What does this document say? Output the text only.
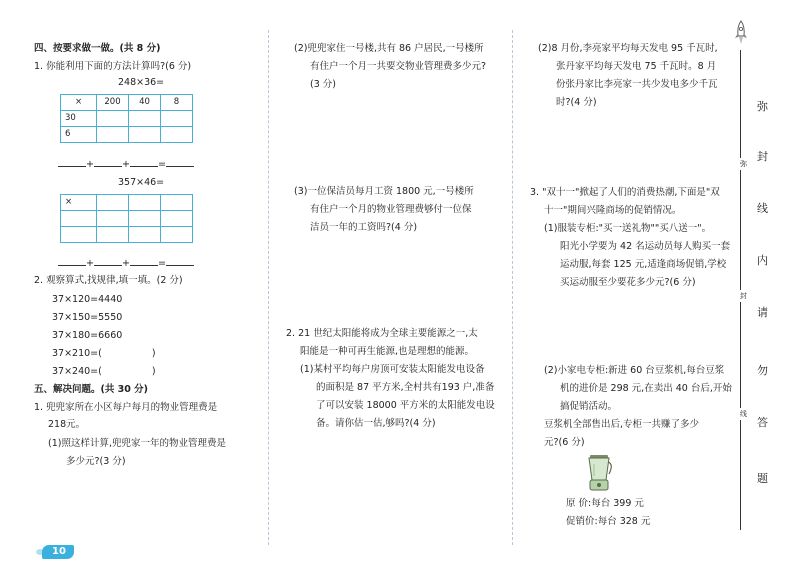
四、按要求做一做。(共 8 分)
1. 你能利用下面的方法计算吗?(6 分)
248×36=
×	200	40	8
30			
6			
+	+	=
357×46=
×			

+	+	=
2. 观察算式,找规律,填一填。(2 分)
37×120=4440
37×150=5550
37×180=6660
37×210=(	)
37×240=(	)
五、解决问题。(共 30 分)
1. 兜兜家所在小区每户每月的物业管理费是
218元。
(1)照这样计算,兜兜家一年的物业管理费是
多少元?(3 分)
(2)兜兜家住一号楼,共有 86 户居民,一号楼所
有住户一个月一共要交物业管理费多少元?
(3 分)
(3)一位保洁员每月工资 1800 元,一号楼所
有住户一个月的物业管理费够付一位保
洁员一年的工资吗?(4 分)
2. 21 世纪太阳能将成为全球主要能源之一,太
阳能是一种可再生能源,也是理想的能源。
(1)某村平均每户房顶可安装太阳能发电设备
的面积是 87 平方米,全村共有193 户,准备
了可以安装 18000 平方米的太阳能发电设
备。请你估一估,够吗?(4 分)
(2)8 月份,李亮家平均每天发电 95 千瓦时,
张丹家平均每天发电 75 千瓦时。8 月
份张丹家比李亮家一共少发电多少千瓦
时?(4 分)
3. "双十一"掀起了人们的消费热潮,下面是"双
十一"期间兴隆商场的促销情况。
(1)服装专柜:"买一送礼物""买八送一"。
阳光小学要为 42 名运动员每人购买一套
运动服,每套 125 元,适逢商场促销,学校
买运动服至少要花多少元?(6 分)
(2)小家电专柜:新进 60 台豆浆机,每台豆浆
机的进价是 298 元,在卖出 40 台后,开始
搞促销活动。
豆浆机全部售出后,专柜一共赚了多少
元?(6 分)
原 价:每台 399 元
促销价:每台 328 元
弥
封
线
弥
封
线
内
请
勿
答
题
10
